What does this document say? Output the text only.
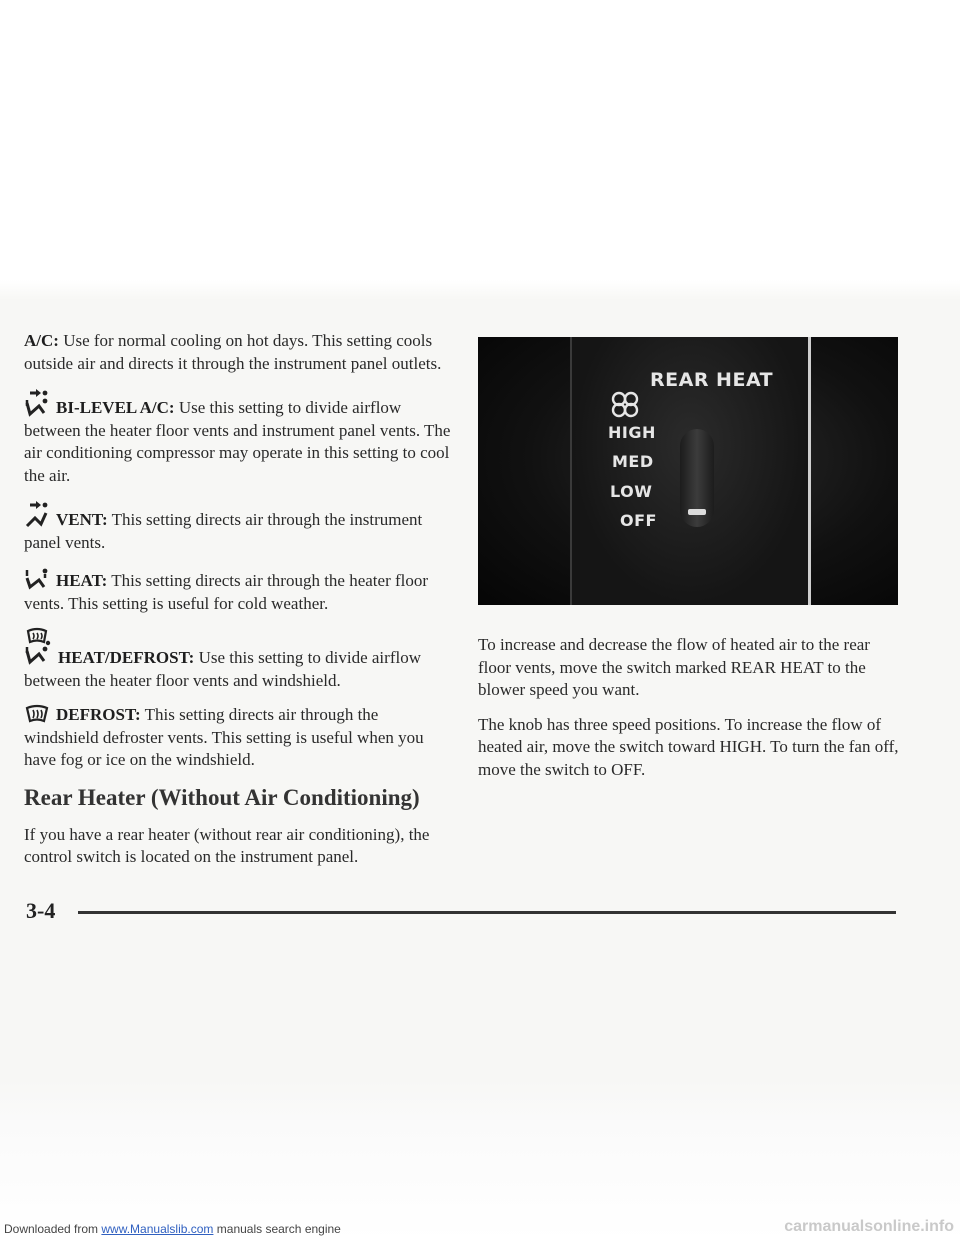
A/C: Use for normal cooling on hot days. This setting cools outside air and directs it through the instrument panel outlets.

BI-LEVEL A/C: Use this setting to divide airflow between the heater floor vents and instrument panel vents. The air conditioning compressor may operate in this setting to cool the air.

VENT: This setting directs air through the instrument panel vents.

HEAT: This setting directs air through the heater floor vents. This setting is useful for cold weather.

HEAT/DEFROST: Use this setting to divide airflow between the heater floor vents and windshield.

DEFROST: This setting directs air through the windshield defroster vents. This setting is useful when you have fog or ice on the windshield.

Rear Heater (Without Air Conditioning)

If you have a rear heater (without rear air conditioning), the control switch is located on the instrument panel.

REAR HEAT
HIGH
MED
LOW
OFF

To increase and decrease the flow of heated air to the rear floor vents, move the switch marked REAR HEAT to the blower speed you want.

The knob has three speed positions. To increase the flow of heated air, move the switch toward HIGH. To turn the fan off, move the switch to OFF.

3-4
Downloaded from www.Manualslib.com manuals search engine	carmanualsonline.info
